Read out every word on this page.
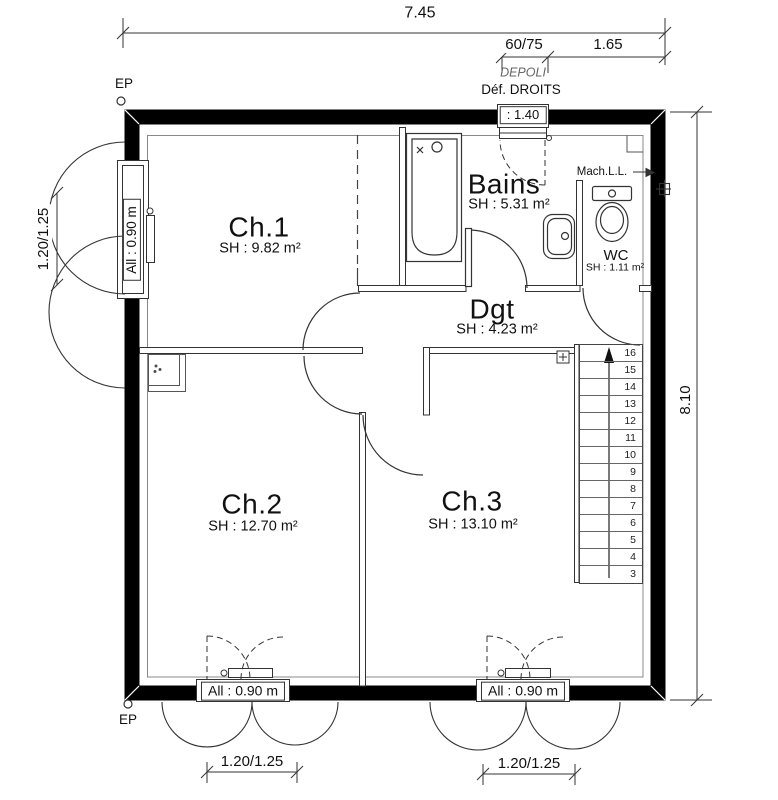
16
15
14
13
12
11
10
9
8
7
6
5
4
3
7.45
60/75	1.65
DEPOLI
Déf. DROITS
: 1.40
EP
EP
All : 0.90 m
1.20/1.25
8.10
Ch.1
SH : 9.82 m²
Bains
SH : 5.31 m²
WC
SH : 1.11 m²
Dgt
SH : 4.23 m²
Ch.2
SH : 12.70 m²
Ch.3
SH : 13.10 m²
Mach.L.L.
All : 0.90 m	All : 0.90 m
1.20/1.25	1.20/1.25
